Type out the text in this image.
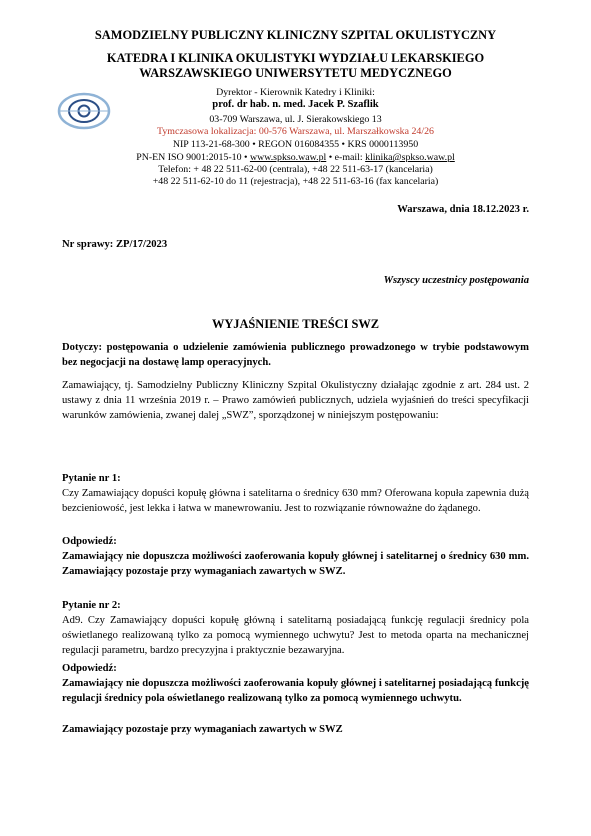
SAMODZIELNY PUBLICZNY KLINICZNY SZPITAL OKULISTYCZNY
KATEDRA I KLINIKA OKULISTYKI WYDZIAŁU LEKARSKIEGO
WARSZAWSKIEGO UNIWERSYTETU MEDYCZNEGO
Dyrektor - Kierownik Katedry i Kliniki:
prof. dr hab. n. med. Jacek P. Szaflik
03-709 Warszawa, ul. J. Sierakowskiego 13
Tymczasowa lokalizacja: 00-576 Warszawa, ul. Marszałkowska 24/26
NIP 113-21-68-300 • REGON 016084355 • KRS 0000113950
PN-EN ISO 9001:2015-10 • www.spkso.waw.pl • e-mail: klinika@spkso.waw.pl
Telefon: + 48 22 511-62-00 (centrala), +48 22 511-63-17 (kancelaria)
+48 22 511-62-10 do 11 (rejestracja), +48 22 511-63-16 (fax kancelaria)
Warszawa, dnia 18.12.2023 r.
Nr sprawy: ZP/17/2023
Wszyscy uczestnicy postępowania
WYJAŚNIENIE TREŚCI SWZ
Dotyczy: postępowania o udzielenie zamówienia publicznego prowadzonego w trybie podstawowym bez negocjacji na dostawę lamp operacyjnych.
Zamawiający, tj. Samodzielny Publiczny Kliniczny Szpital Okulistyczny działając zgodnie z art. 284 ust. 2 ustawy z dnia 11 września 2019 r. – Prawo zamówień publicznych, udziela wyjaśnień do treści specyfikacji warunków zamówienia, zwanej dalej „SWZ”, sporządzonej w niniejszym postępowaniu:
Pytanie nr 1:
Czy Zamawiający dopuści kopułę główna i satelitarna o średnicy 630 mm? Oferowana kopuła zapewnia dużą bezcieniowość, jest lekka i łatwa w manewrowaniu. Jest to rozwiązanie równoważne do żądanego.
Odpowiedź:
Zamawiający nie dopuszcza możliwości zaoferowania kopuły głównej i satelitarnej o średnicy 630 mm. Zamawiający pozostaje przy wymaganiach zawartych w SWZ.
Pytanie nr 2:
Ad9. Czy Zamawiający dopuści kopułę główną i satelitarną posiadającą funkcję regulacji średnicy pola oświetlanego realizowaną tylko za pomocą wymiennego uchwytu? Jest to metoda oparta na mechanicznej regulacji parametru, bardzo precyzyjna i praktycznie bezawaryjna.
Odpowiedź:
Zamawiający nie dopuszcza możliwości zaoferowania kopuły głównej i satelitarnej posiadającą funkcję regulacji średnicy pola oświetlanego realizowaną tylko za pomocą wymiennego uchwytu.
Zamawiający pozostaje przy wymaganiach zawartych w SWZ
